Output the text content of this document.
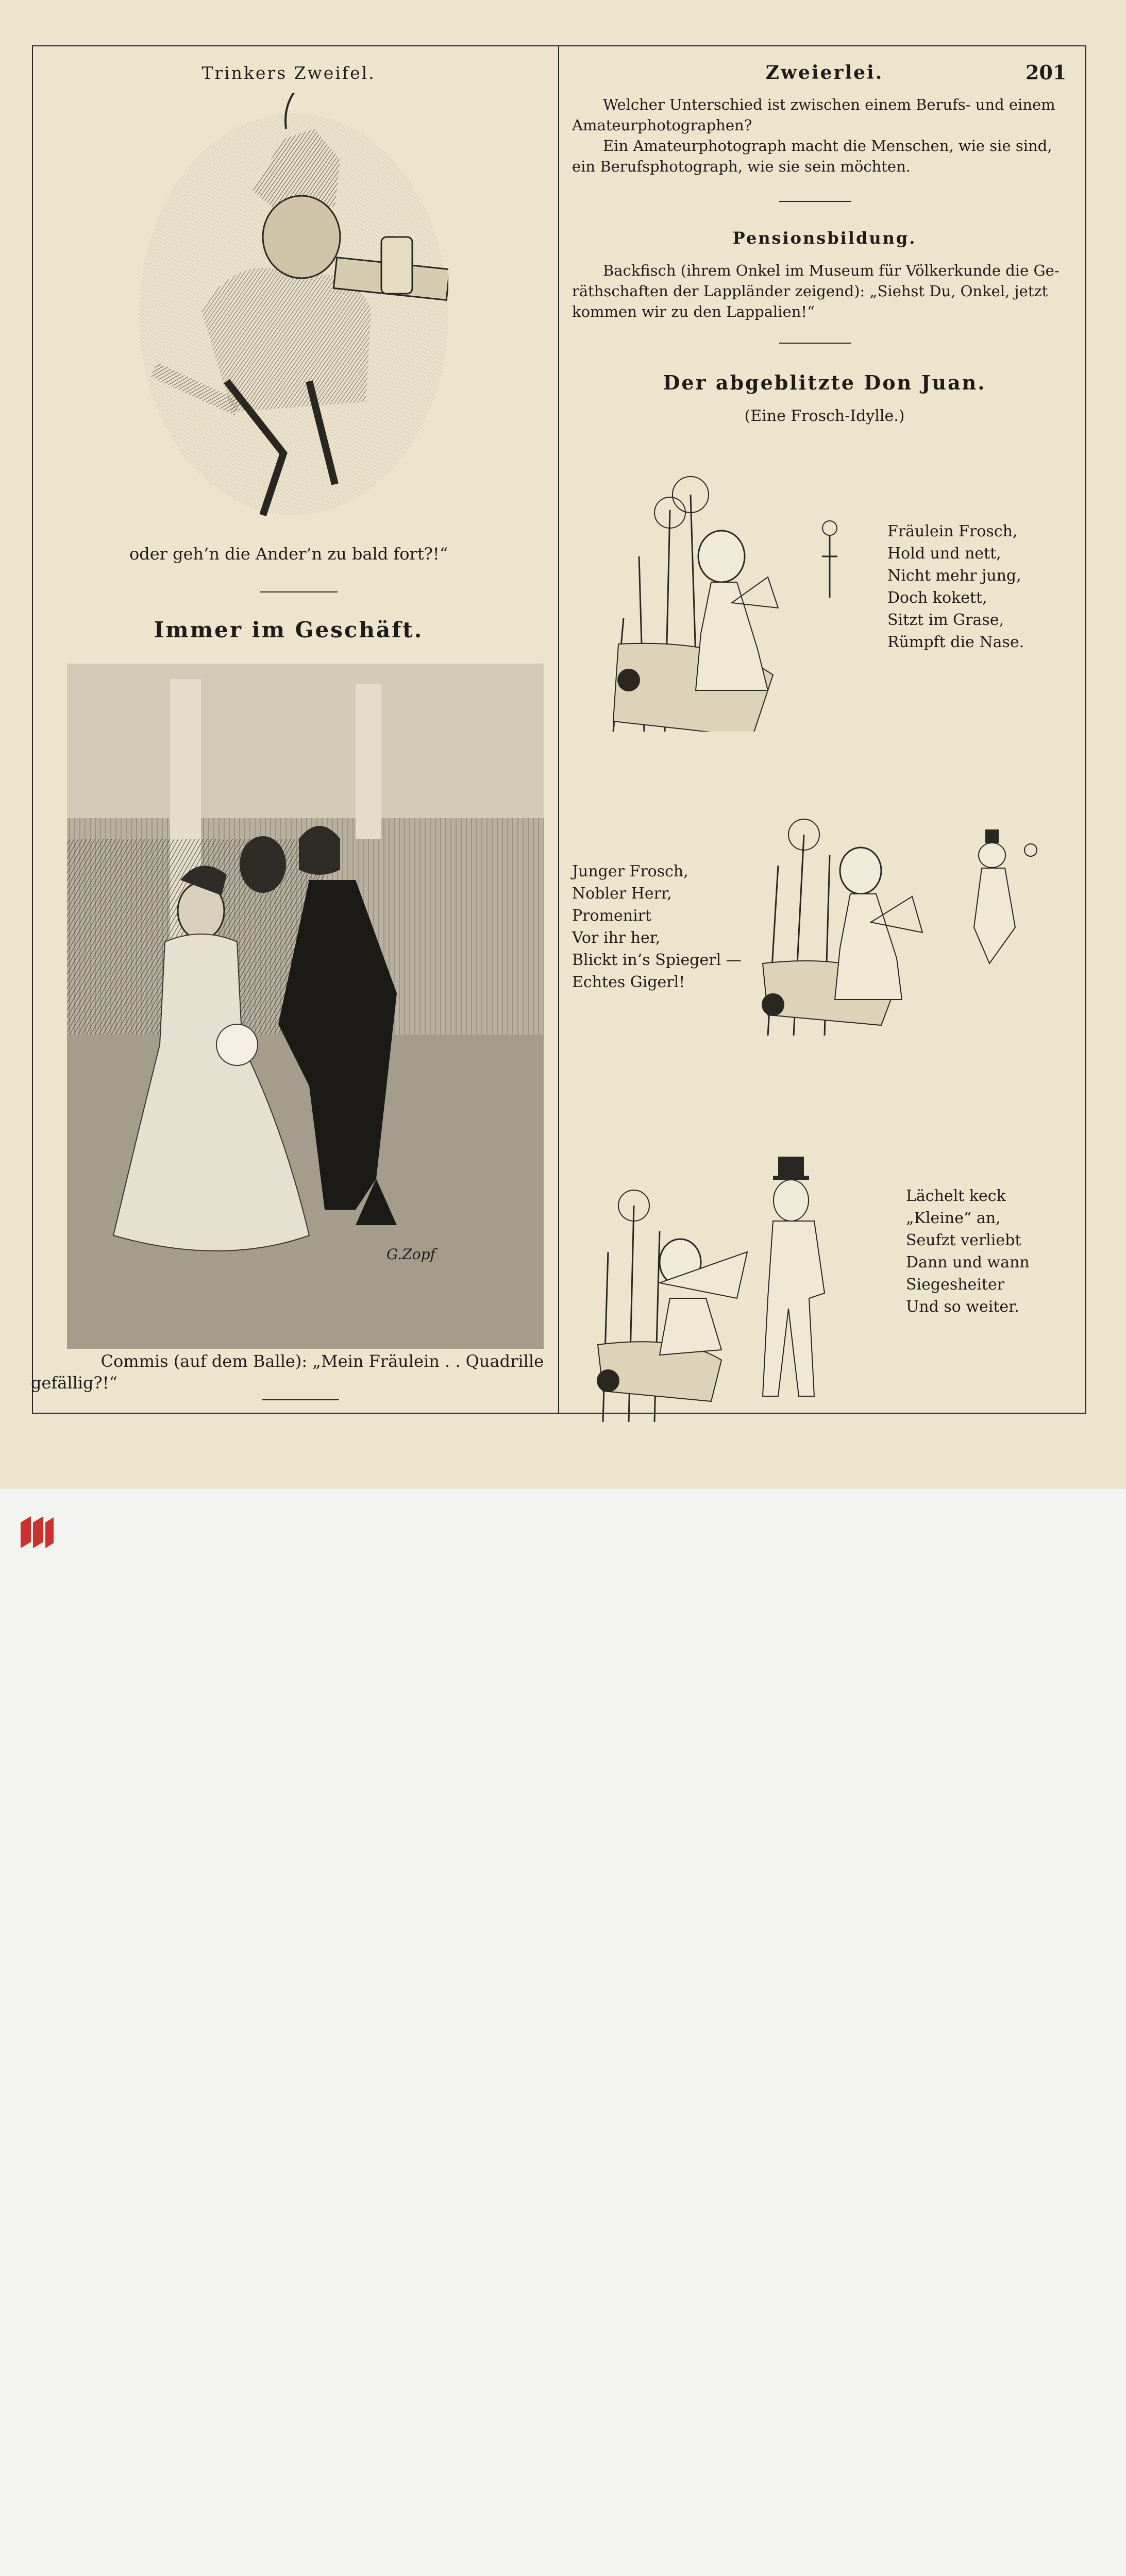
Trinkers Zweifel.
oder geh’n die Ander’n zu bald fort?!“
Immer im Geschäft.
G.Zopf
Commis (auf dem Balle): „Mein Fräulein . . Quadrille
gefällig?!“
Zweierlei.	201
Welcher Unterschied ist zwischen einem Berufs- und einem
Amateurphotographen?
Ein Amateurphotograph macht die Menschen, wie sie sind,
ein Berufsphotograph, wie sie sein möchten.
Pensionsbildung.
Backfisch (ihrem Onkel im Museum für Völkerkunde die Ge-
räthschaften der Lappländer zeigend): „Siehst Du, Onkel, jetzt
kommen wir zu den Lappalien!“
Der abgeblitzte Don Juan.
(Eine Frosch-Idylle.)
Fräulein Frosch,
Hold und nett,
Nicht mehr jung,
Doch kokett,
Sitzt im Grase,
Rümpft die Nase.
Junger Frosch,
Nobler Herr,
Promenirt
Vor ihr her,
Blickt in’s Spiegerl —
Echtes Gigerl!
Lächelt keck
„Kleine“ an,
Seufzt verliebt
Dann und wann
Siegesheiter
Und so weiter.
